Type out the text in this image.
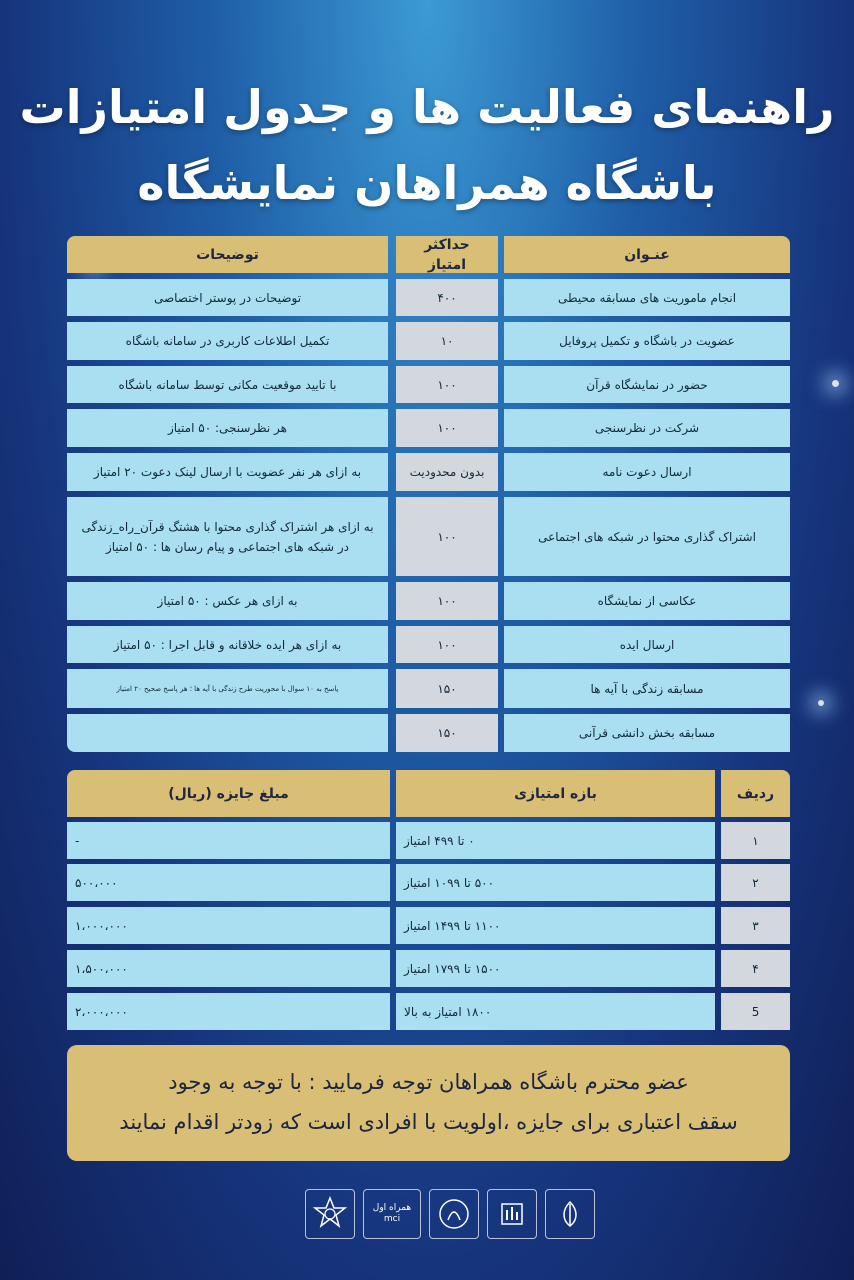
راهنمای فعالیت ها و جدول امتیازات
باشگاه همراهان نمایشگاه
عنـوان
حداکثر امتیاز
توضیحات
انجام ماموریت های مسابقه محیطی
۴۰۰
توضیحات در پوستر اختصاصی
عضویت در باشگاه و تکمیل پروفایل
۱۰
تکمیل اطلاعات کاربری در سامانه باشگاه
حضور در نمایشگاه قرآن
۱۰۰
با تایید موقعیت مکانی توسط سامانه باشگاه
شرکت در نظرسنجی
۱۰۰
هر نظرسنجی: ۵۰ امتیاز
ارسال دعوت نامه
بدون محدودیت
به ازای هر نفر عضویت با ارسال لینک دعوت ۲۰ امتیاز
اشتراک گذاری محتوا در شبکه های اجتماعی
۱۰۰
به ازای هر اشتراک گذاری محتوا با هشتگ قرآن_راه_زندگی در شبکه های اجتماعی و پیام رسان ها : ۵۰ امتیاز
عکاسی از نمایشگاه
۱۰۰
به ازای هر عکس : ۵۰ امتیاز
ارسال ایده
۱۰۰
به ازای هر ایده خلاقانه و قابل اجرا : ۵۰ امتیاز
مسابقه زندگی با آیه ها
۱۵۰
پاسخ به ۱۰ سوال با محوریت طرح زندگی با آیه ها ؛ هر پاسخ صحیح ۲۰ امتیاز
مسابقه بخش دانشی قرآنی
۱۵۰
ردیف
بازه امتیازی
مبلغ جایزه (ریال)
۱
۰ تا ۴۹۹ امتیاز
-
۲
۵۰۰ تا ۱۰۹۹ امتیاز
۵۰۰،۰۰۰
۳
۱۱۰۰ تا ۱۴۹۹ امتیاز
۱،۰۰۰،۰۰۰
۴
۱۵۰۰ تا ۱۷۹۹ امتیاز
۱،۵۰۰،۰۰۰
5
۱۸۰۰ امتیاز به بالا
۲،۰۰۰،۰۰۰
عضو محترم باشگاه همراهان توجه فرمایید : با توجه به وجود
سقف اعتباری برای جایزه ،اولویت با افرادی است که زودتر اقدام نمایند
همراه اول
mci
